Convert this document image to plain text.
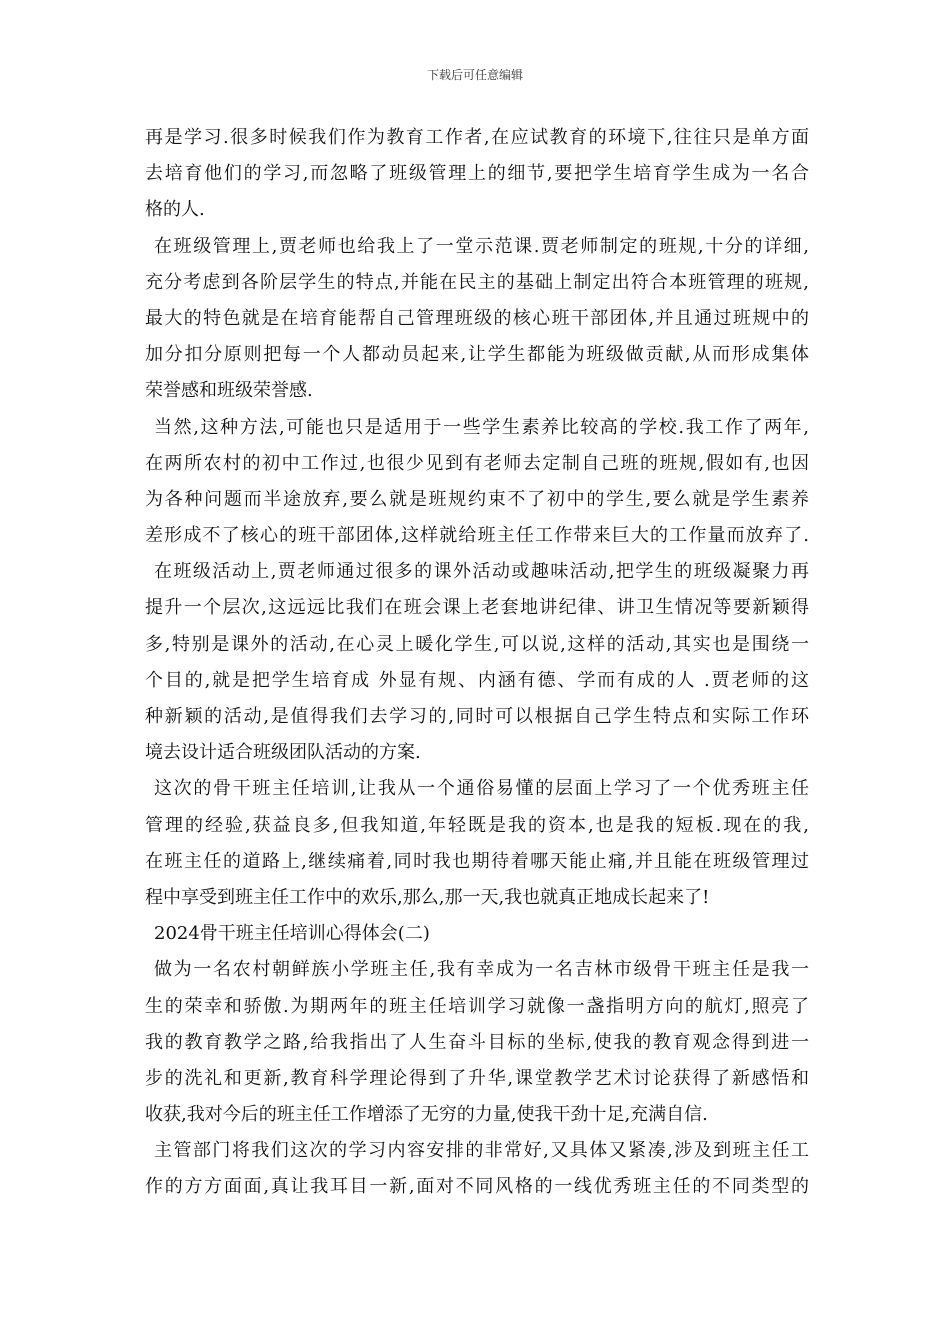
下载后可任意编辑
再是学习.很多时候我们作为教育工作者,在应试教育的环境下,往往只是单方面
去培育他们的学习,而忽略了班级管理上的细节,要把学生培育学生成为一名合
格的人.
在班级管理上,贾老师也给我上了一堂示范课.贾老师制定的班规,十分的详细,
充分考虑到各阶层学生的特点,并能在民主的基础上制定出符合本班管理的班规,
最大的特色就是在培育能帮自己管理班级的核心班干部团体,并且通过班规中的
加分扣分原则把每一个人都动员起来,让学生都能为班级做贡献,从而形成集体
荣誉感和班级荣誉感.
当然,这种方法,可能也只是适用于一些学生素养比较高的学校.我工作了两年,
在两所农村的初中工作过,也很少见到有老师去定制自己班的班规,假如有,也因
为各种问题而半途放弃,要么就是班规约束不了初中的学生,要么就是学生素养
差形成不了核心的班干部团体,这样就给班主任工作带来巨大的工作量而放弃了.
在班级活动上,贾老师通过很多的课外活动或趣味活动,把学生的班级凝聚力再
提升一个层次,这远远比我们在班会课上老套地讲纪律、讲卫生情况等要新颖得
多,特别是课外的活动,在心灵上暖化学生,可以说,这样的活动,其实也是围绕一
个目的,就是把学生培育成 外显有规、内涵有德、学而有成的人 .贾老师的这
种新颖的活动,是值得我们去学习的,同时可以根据自己学生特点和实际工作环
境去设计适合班级团队活动的方案.
这次的骨干班主任培训,让我从一个通俗易懂的层面上学习了一个优秀班主任
管理的经验,获益良多,但我知道,年轻既是我的资本,也是我的短板.现在的我,
在班主任的道路上,继续痛着,同时我也期待着哪天能止痛,并且能在班级管理过
程中享受到班主任工作中的欢乐,那么,那一天,我也就真正地成长起来了!
2024骨干班主任培训心得体会(二)
做为一名农村朝鲜族小学班主任,我有幸成为一名吉林市级骨干班主任是我一
生的荣幸和骄傲.为期两年的班主任培训学习就像一盏指明方向的航灯,照亮了
我的教育教学之路,给我指出了人生奋斗目标的坐标,使我的教育观念得到进一
步的洗礼和更新,教育科学理论得到了升华,课堂教学艺术讨论获得了新感悟和
收获,我对今后的班主任工作增添了无穷的力量,使我干劲十足,充满自信.
主管部门将我们这次的学习内容安排的非常好,又具体又紧凑,涉及到班主任工
作的方方面面,真让我耳目一新,面对不同风格的一线优秀班主任的不同类型的
